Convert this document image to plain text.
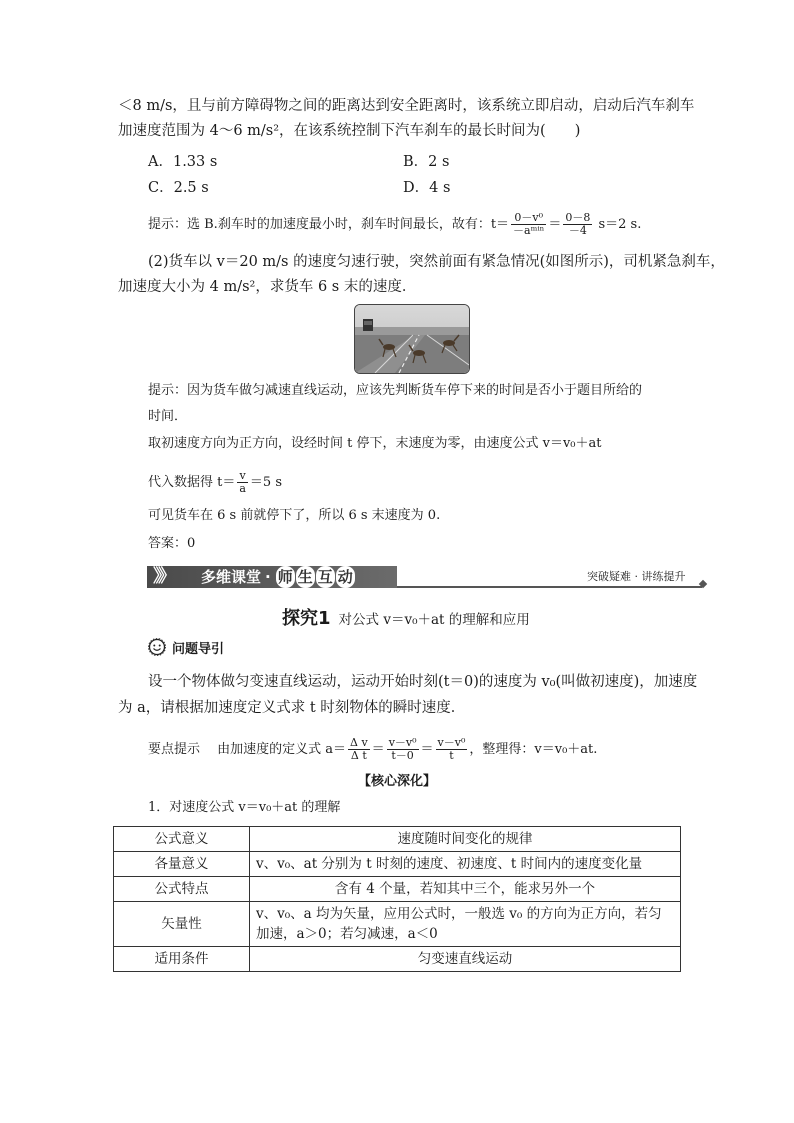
＜8 m/s，且与前方障碍物之间的距离达到安全距离时，该系统立即启动，启动后汽车刹车
加速度范围为 4～6 m/s²，在该系统控制下汽车刹车的最长时间为(　　)
A．1.33 s	B．2 s
C．2.5 s	D．4 s
提示：选 B.刹车时的加速度最小时，刹车时间最长，故有：$t= \frac{\text{0－v⁰}}{\text{－aᵐⁱⁿ}} = \frac{0-8}{-4} s=2$ s.
(2)货车以 v＝20 m/s 的速度匀速行驶，突然前面有紧急情况(如图所示)，司机紧急刹车，
加速度大小为 4 m/s²，求货车 6 s 末的速度．
提示：因为货车做匀减速直线运动，应该先判断货车停下来的时间是否小于题目所给的
时间．
取初速度方向为正方向，设经时间 t 停下，末速度为零，由速度公式 v＝v₀＋at
代入数据得 $t= \frac{v}{a} =5$ s
可见货车在 6 s 前就停下了，所以 6 s 末速度为 0.
答案：0
》》 多维课堂 · 师 生 互 动	突破疑难 · 讲练提升
探究1 对公式 v＝v₀＋at 的理解和应用
问题导引
设一个物体做匀变速直线运动，运动开始时刻(t＝0)的速度为 v₀(叫做初速度)，加速度
为 a，请根据加速度定义式求 t 时刻物体的瞬时速度．
要点提示　 由加速度的定义式 $a= \frac{\text{Δ v}}{\text{Δ t}} = \frac{\text{v－v⁰}}{t-0} = \frac{\text{v－v⁰}}{t}$ ，整理得：v＝v₀＋at.
【核心深化】
1．对速度公式 v＝v₀＋at 的理解
公式意义	速度随时间变化的规律
各量意义	v、v₀、at 分别为 t 时刻的速度、初速度、t 时间内的速度变化量
公式特点	含有 4 个量，若知其中三个，能求另外一个
矢量性	v、v₀、a 均为矢量，应用公式时，一般选 v₀ 的方向为正方向，若匀
加速，a＞0；若匀减速，a＜0

适用条件	匀变速直线运动
